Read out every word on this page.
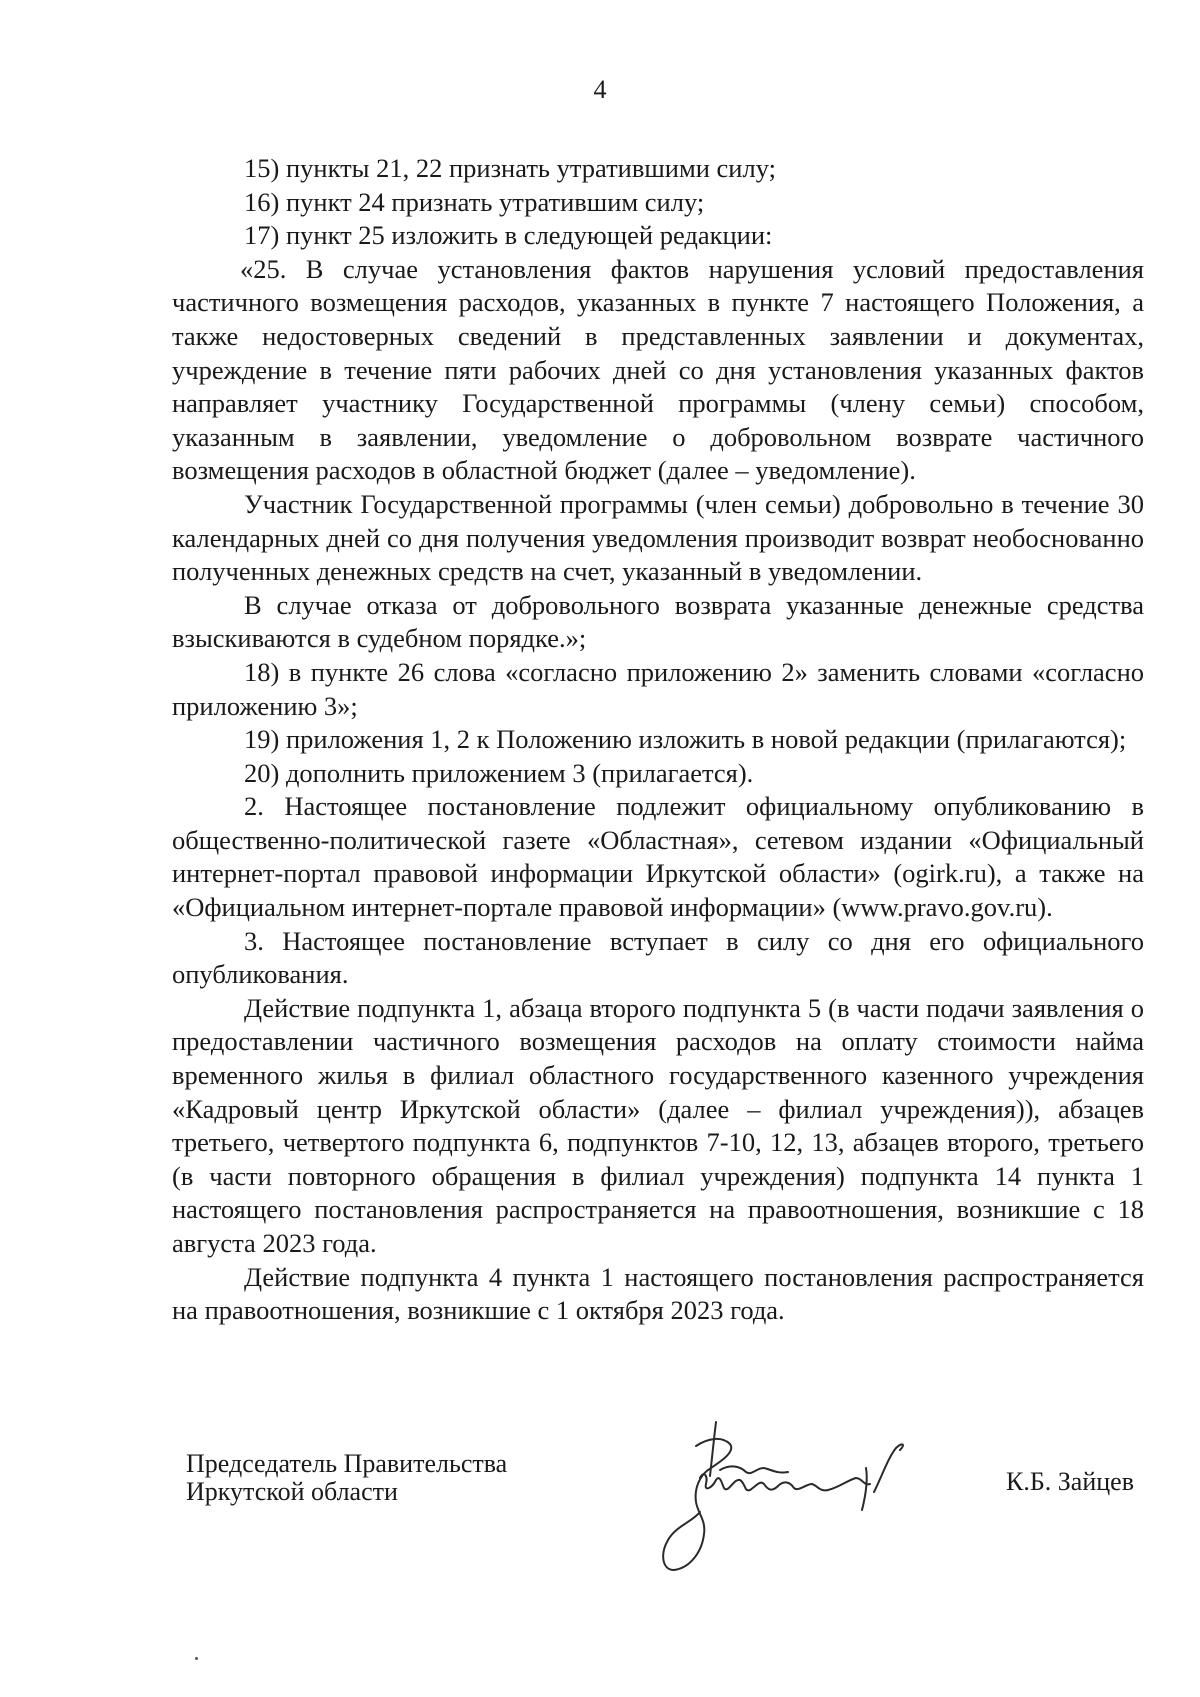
4

15) пункты 21, 22 признать утратившими силу;

16) пункт 24 признать утратившим силу;

17) пункт 25 изложить в следующей редакции:

«25. В случае установления фактов нарушения условий предоставления частичного возмещения расходов, указанных в пункте 7 настоящего Положения, а также недостоверных сведений в представленных заявлении и документах, учреждение в течение пяти рабочих дней со дня установления указанных фактов направляет участнику Государственной программы (члену семьи) способом, указанным в заявлении, уведомление о добровольном возврате частичного возмещения расходов в областной бюджет (далее – уведомление).

Участник Государственной программы (член семьи) добровольно в течение 30 календарных дней со дня получения уведомления производит возврат необоснованно полученных денежных средств на счет, указанный в уведомлении.

В случае отказа от добровольного возврата указанные денежные средства взыскиваются в судебном порядке.»;

18) в пункте 26 слова «согласно приложению 2» заменить словами «согласно приложению 3»;

19) приложения 1, 2 к Положению изложить в новой редакции (прилагаются);

20) дополнить приложением 3 (прилагается).

2. Настоящее постановление подлежит официальному опубликованию в общественно-политической газете «Областная», сетевом издании «Официальный интернет-портал правовой информации Иркутской области» (ogirk.ru), а также на «Официальном интернет-портале правовой информации» (www.pravo.gov.ru).

3. Настоящее постановление вступает в силу со дня его официального опубликования.

Действие подпункта 1, абзаца второго подпункта 5 (в части подачи заявления о предоставлении частичного возмещения расходов на оплату стоимости найма временного жилья в филиал областного государственного казенного учреждения «Кадровый центр Иркутской области» (далее – филиал учреждения)), абзацев третьего, четвертого подпункта 6, подпунктов 7-10, 12, 13, абзацев второго, третьего (в части повторного обращения в филиал учреждения) подпункта 14 пункта 1 настоящего постановления распространяется на правоотношения, возникшие с 18 августа 2023 года.

Действие подпункта 4 пункта 1 настоящего постановления распространяется на правоотношения, возникшие с 1 октября 2023 года.

Председатель Правительства
Иркутской области	К.Б. Зайцев
